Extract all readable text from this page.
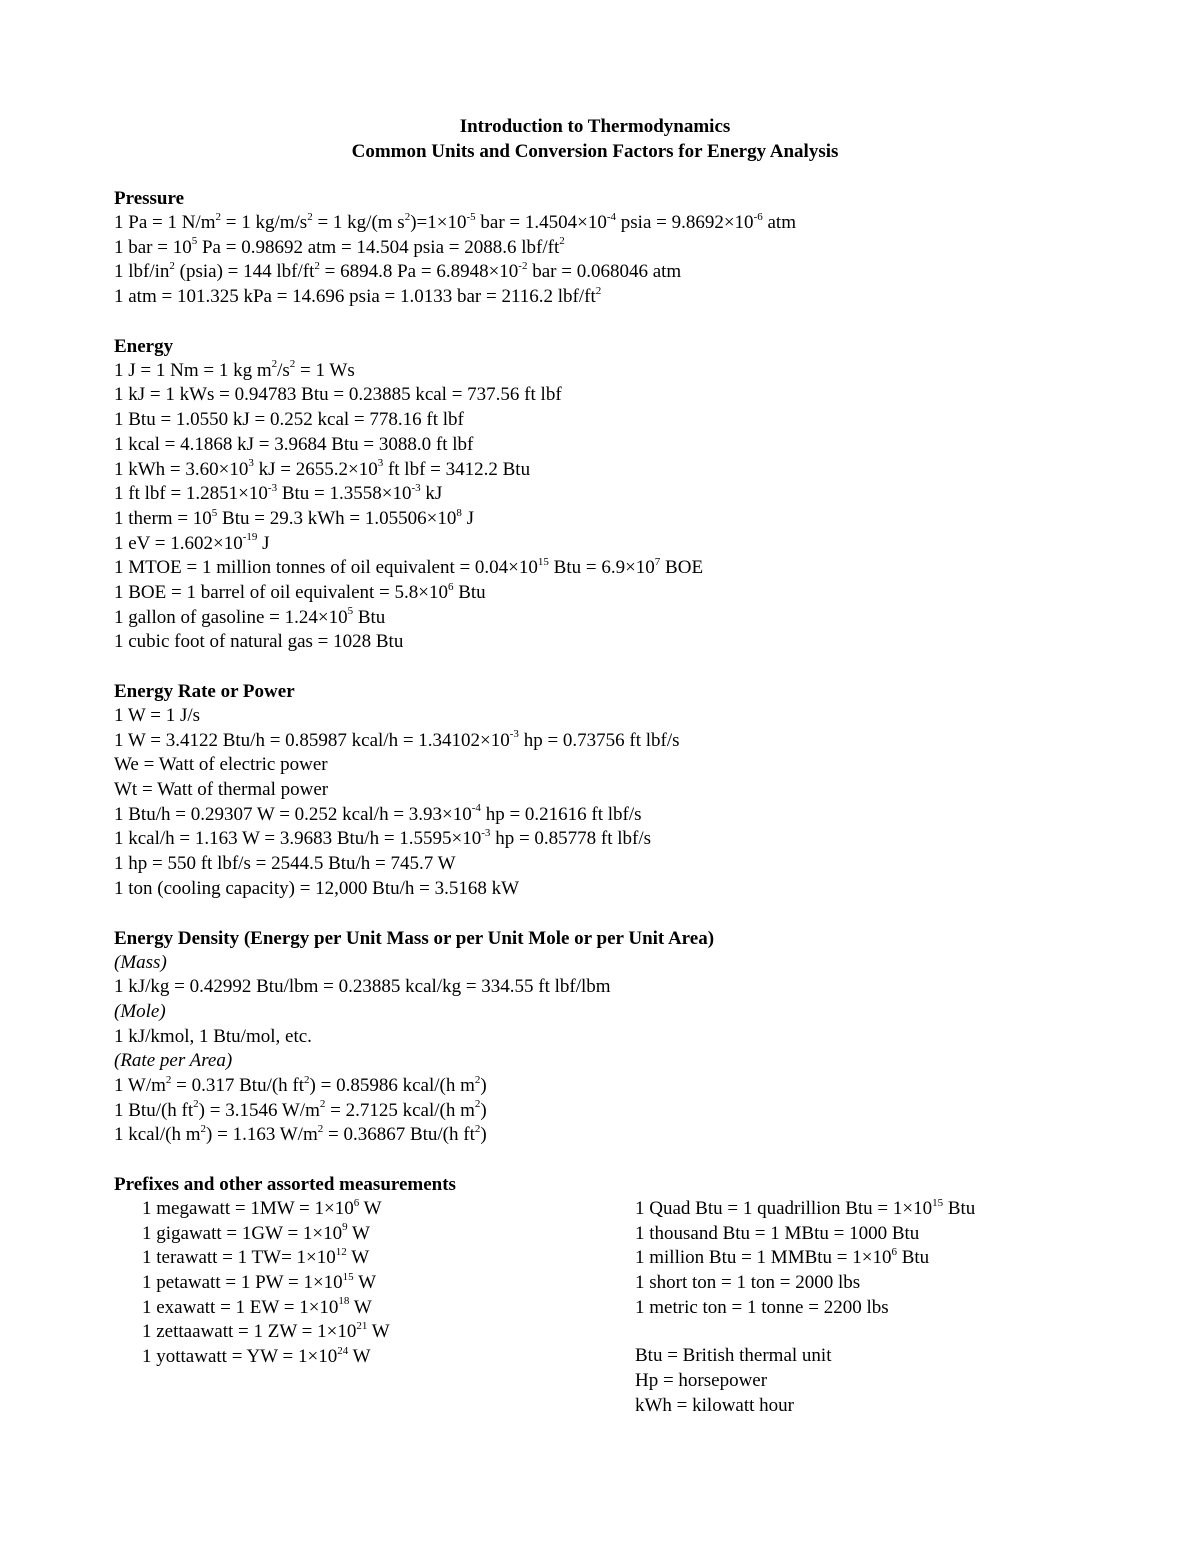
Introduction to Thermodynamics
Common Units and Conversion Factors for Energy Analysis
Pressure
1 Pa = 1 $N/m^2 = 1$ $kg/m/s^2 = 1$ kg/(m $s^2)=1\times 10^{-5}$ bar = $1.4504\times 10^{-4}$ psia = $9.8692\times 10^{-6}$ atm
1 bar = $10^5$ Pa = 0.98692 atm = 14.504 psia = 2088.6 lbf/$ft^2$
1 lbf/$in^2$ (psia) = 144 lbf/$ft^2 = 6894.8$ $Pa = 6.8948\times 10^{-2}$ bar = 0.068046 atm
1 atm = 101.325 kPa = 14.696 psia = 1.0133 bar = 2116.2 lbf/$ft^2$
Energy
1 J = 1 Nm = 1 kg $m^2/s^2 = 1$ Ws
1 kJ = 1 kWs = 0.94783 Btu = 0.23885 kcal = 737.56 ft lbf
1 Btu = 1.0550 kJ = 0.252 kcal = 778.16 ft lbf
1 kcal = 4.1868 kJ = 3.9684 Btu = 3088.0 ft lbf
1 kWh = $3.60\times 10^3$ kJ = $2655.2\times 10^3$ ft lbf = 3412.2 Btu
1 ft lbf = $1.2851\times 10^{-3}$ Btu = $1.3558\times 10^{-3}$ kJ
1 therm = $10^5$ Btu = 29.3 kWh = $1.05506\times 10^8$ J
1 eV = $1.602\times 10^{-19}$ J
1 MTOE = 1 million tonnes of oil equivalent = $0.04\times 10^{15}$ Btu = $6.9\times 10^7$ BOE
1 BOE = 1 barrel of oil equivalent = $5.8\times 10^6$ Btu
1 gallon of gasoline = $1.24\times 10^5$ Btu
1 cubic foot of natural gas = 1028 Btu
Energy Rate or Power
1 W = 1 J/s
1 W = 3.4122 Btu/h = 0.85987 kcal/h = $1.34102\times 10^{-3}$ hp = 0.73756 ft lbf/s
We = Watt of electric power
Wt = Watt of thermal power
1 Btu/h = 0.29307 W = 0.252 kcal/h = $3.93\times 10^{-4}$ hp = 0.21616 ft lbf/s
1 kcal/h = 1.163 W = 3.9683 $Btu/h = 1.5595\times 10^{-3}$ hp = 0.85778 ft lbf/s
1 hp = 550 ft lbf/s = 2544.5 Btu/h = 745.7 W
1 ton (cooling capacity) = 12,000 Btu/h = 3.5168 kW
Energy Density (Energy per Unit Mass or per Unit Mole or per Unit Area)
(Mass)
1 kJ/kg = 0.42992 Btu/lbm = 0.23885 kcal/kg = 334.55 ft lbf/lbm
(Mole)
1 kJ/kmol, 1 Btu/mol, etc.
(Rate per Area)
1 $W/m^2 = 0.317$ Btu/(h $ft^2) = 0.85986$ kcal/(h $m^2$)
1 Btu/(h $ft^2) = 3.1546$ $W/m^2 = 2.7125$ kcal/(h $m^2$)
1 kcal/(h $m^2) = 1.163$ $W/m^2 = 0.36867$ Btu/(h $ft^2$)
Prefixes and other assorted measurements
1 megawatt = $1MW = 1\times 10^6$ W
1 gigawatt = $1GW = 1\times 10^9$ W
1 terawatt = 1 $TW= 1\times 10^{12}$ W
1 petawatt = 1 PW = $1\times 10^{15}$ W
1 exawatt = 1 EW = $1\times 10^{18}$ W
1 zettaawatt = 1 ZW = $1\times 10^{21}$ W
1 yottawatt = YW = $1\times 10^{24}$ W
1 Quad Btu = 1 quadrillion Btu = $1\times 10^{15}$ Btu
1 thousand Btu = 1 MBtu = 1000 Btu
1 million Btu = 1 MMBtu = $1\times 10^6$ Btu
1 short ton = 1 ton = 2000 lbs
1 metric ton = 1 tonne = 2200 lbs
Btu = British thermal unit
Hp = horsepower
kWh = kilowatt hour
